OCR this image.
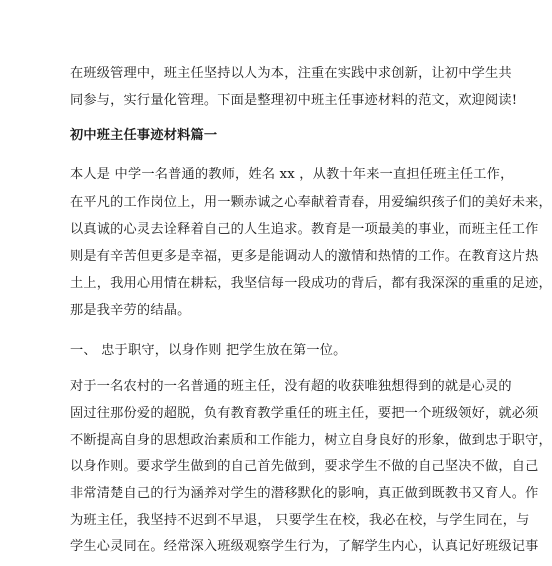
在班级管理中，班主任坚持以人为本，注重在实践中求创新，让初中学生共
同参与，实行量化管理。下面是整理初中班主任事迹材料的范文，欢迎阅读!
初中班主任事迹材料篇一
本人是 中学一名普通的教师，姓名 xx ，从教十年来一直担任班主任工作，
在平凡的工作岗位上，用一颗赤诚之心奉献着青春，用爱编织孩子们的美好未来，
以真诚的心灵去诠释着自己的人生追求。教育是一项最美的事业，而班主任工作
则是有辛苦但更多是幸福，更多是能调动人的激情和热情的工作。在教育这片热
土上，我用心用情在耕耘，我坚信每一段成功的背后，都有我深深的重重的足迹，
那是我辛劳的结晶。
一、 忠于职守，以身作则 把学生放在第一位。
对于一名农村的一名普通的班主任，没有超的收获唯独想得到的就是心灵的
固过往那份爱的超脱，负有教育教学重任的班主任，要把一个班级领好，就必须
不断提高自身的思想政治素质和工作能力，树立自身良好的形象，做到忠于职守，
以身作则。要求学生做到的自己首先做到，要求学生不做的自己坚决不做，自己
非常清楚自己的行为涵养对学生的潜移默化的影响，真正做到既教书又育人。作
为班主任，我坚持不迟到不早退， 只要学生在校，我必在校，与学生同在，与
学生心灵同在。经常深入班级观察学生行为，了解学生内心，认真记好班级记事
